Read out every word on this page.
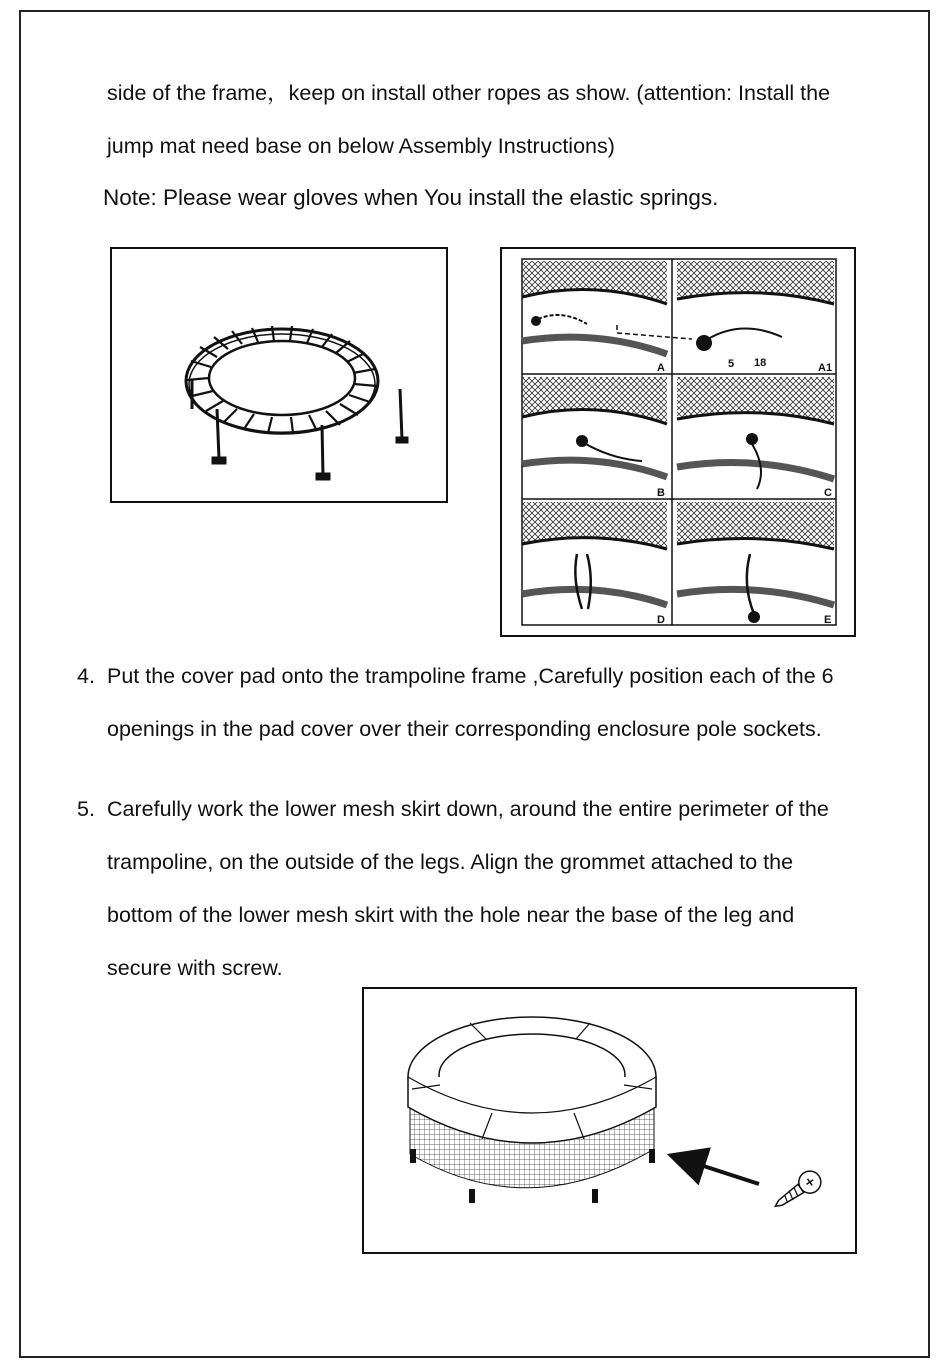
side of the frame，keep on install other ropes as show. (attention: Install the
jump mat need base on below Assembly Instructions)
Note: Please wear gloves when You install the elastic springs.
A	5 18	A1
B	C
D	E
4. Put the cover pad onto the trampoline frame ,Carefully position each of the 6
openings in the pad cover over their corresponding enclosure pole sockets.
5. Carefully work the lower mesh skirt down, around the entire perimeter of the
trampoline, on the outside of the legs. Align the grommet attached to the
bottom of the lower mesh skirt with the hole near the base of the leg and
secure with screw.
